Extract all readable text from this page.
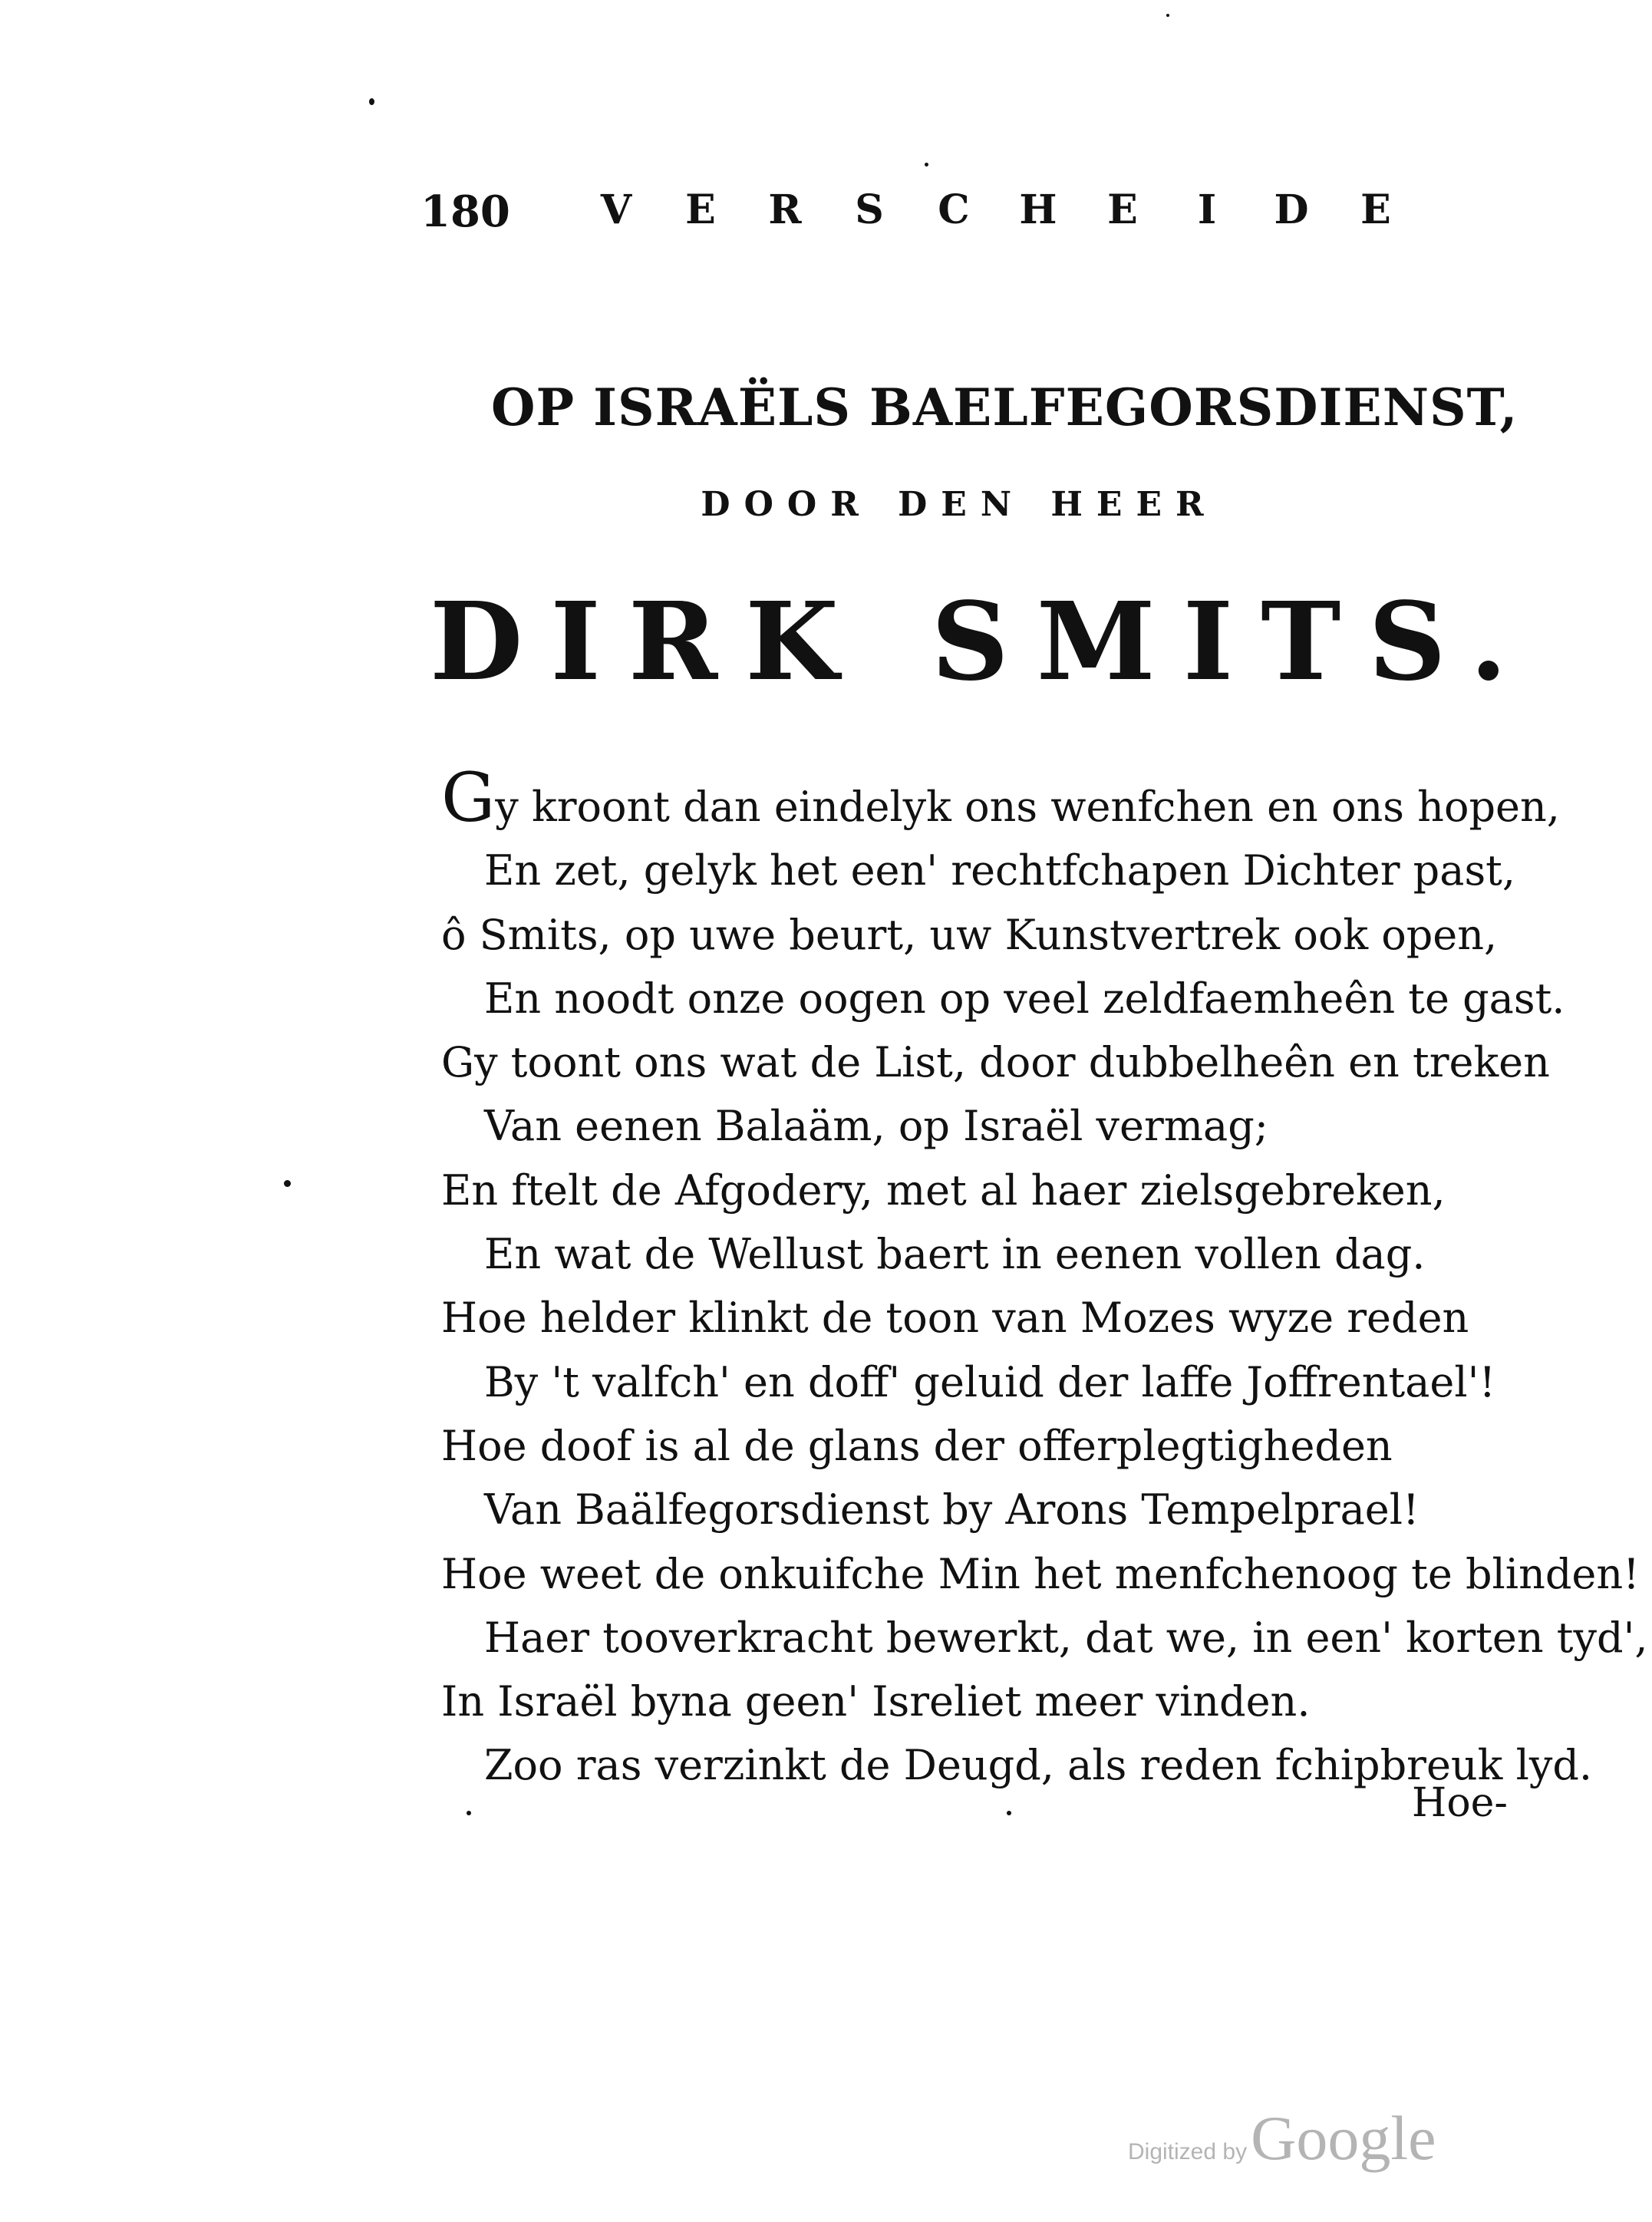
180	V E R S C H E I D E
OP ISRAËLS BAELFEGORSDIENST,
DOOR DEN HEER
DIRK SMITS.
Gy kroont dan eindelyk ons wenfchen en ons hopen,
En zet, gelyk het een' rechtfchapen Dichter past,
ô Smits, op uwe beurt, uw Kunstvertrek ook open,
En noodt onze oogen op veel zeldfaemheên te gast.
Gy toont ons wat de List, door dubbelheên en treken
Van eenen Balaäm, op Israël vermag;
En ftelt de Afgodery, met al haer zielsgebreken,
En wat de Wellust baert in eenen vollen dag.
Hoe helder klinkt de toon van Mozes wyze reden
By 't valfch' en doff' geluid der laffe Joffrentael'!
Hoe doof is al de glans der offerplegtigheden
Van Baälfegorsdienst by Arons Tempelprael!
Hoe weet de onkuifche Min het menfchenoog te blinden!
Haer tooverkracht bewerkt, dat we, in een' korten tyd',
In Israël byna geen' Isreliet meer vinden.
Zoo ras verzinkt de Deugd, als reden fchipbreuk lyd.
Hoe-
Digitized by Google
